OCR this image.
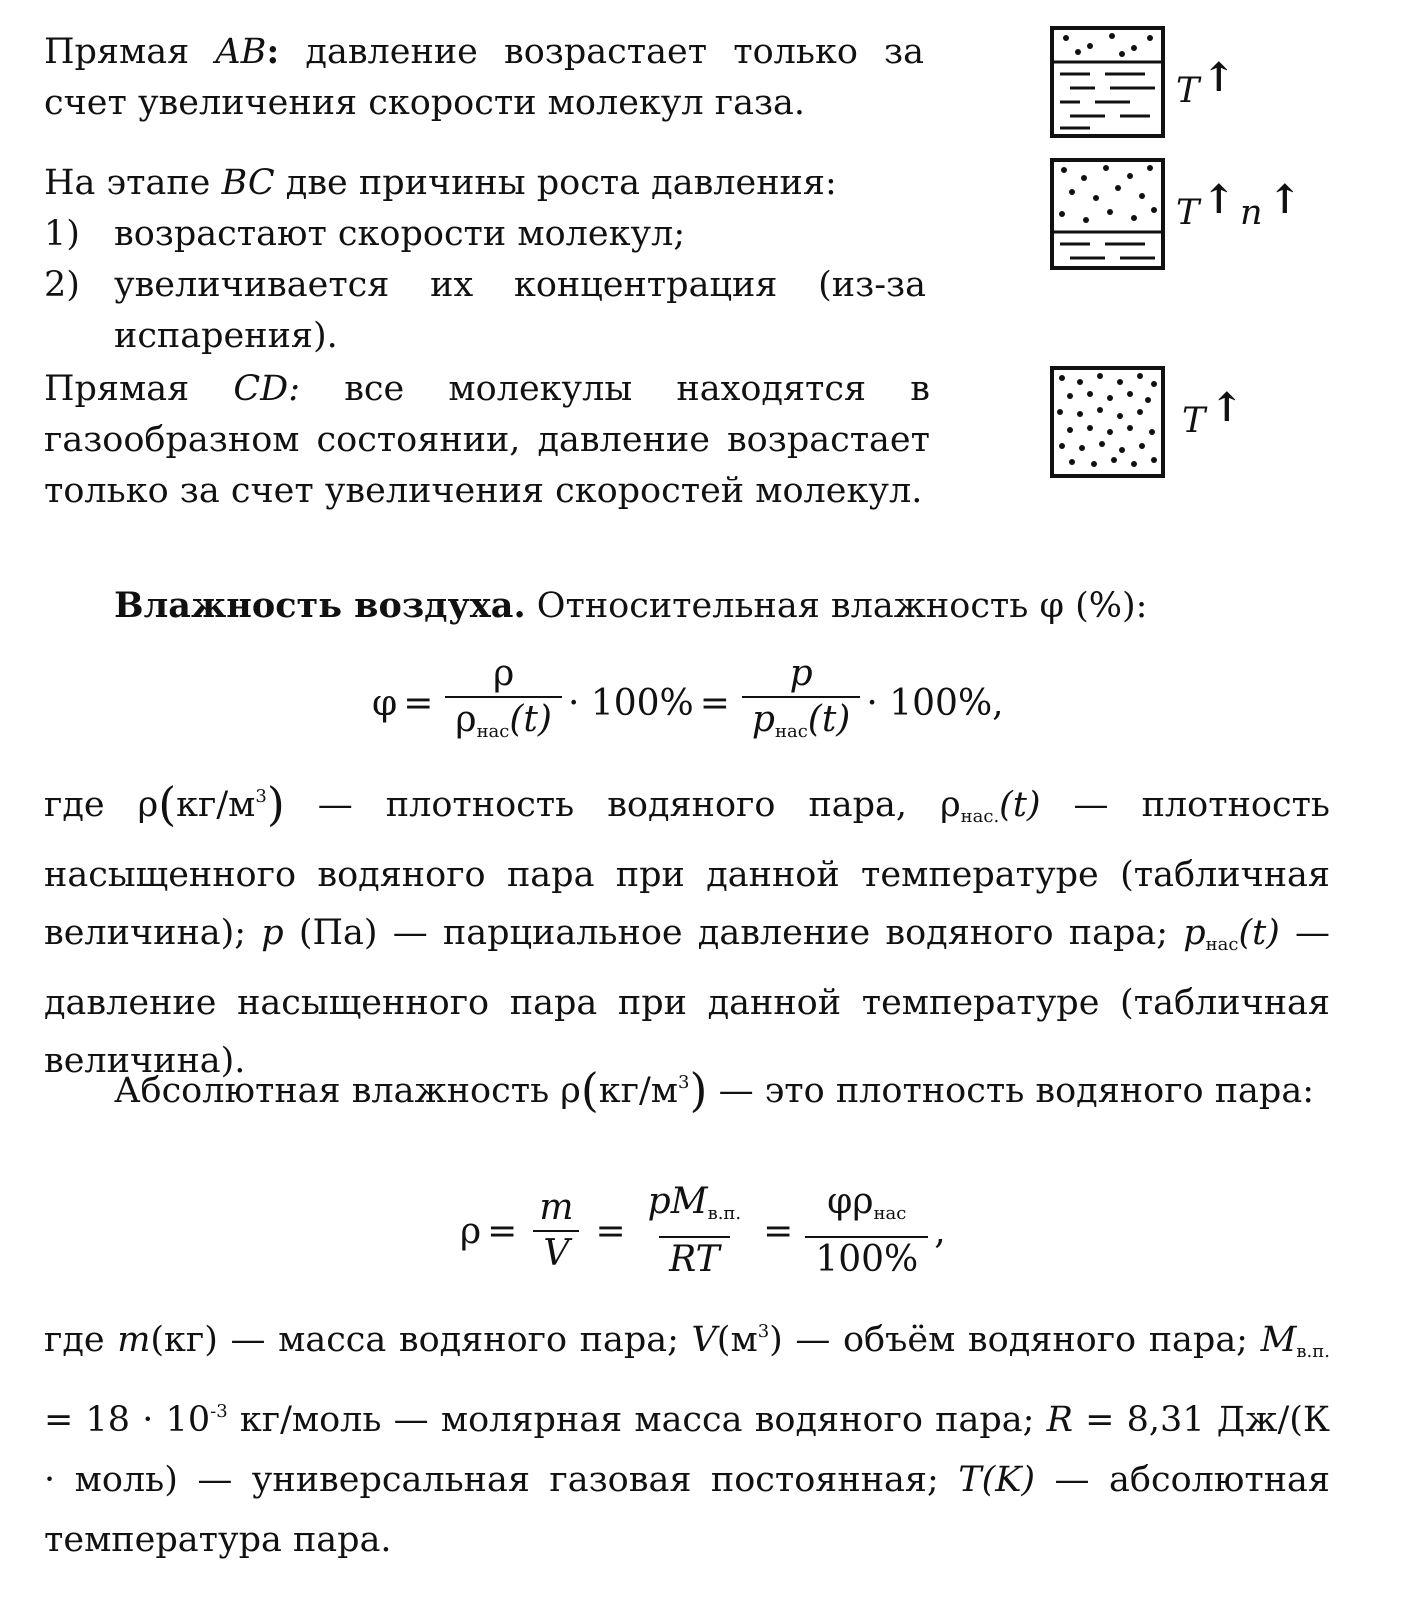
Прямая AB: давление возрастает только за счет увеличения скорости молекул газа.
На этапе BC две причины роста давления:
1) возрастают скорости молекул;
2) увеличивается их концентрация (из-за испарения).
Прямая CD: все молекулы находятся в газообразном состоянии, давление возрастает только за счет увеличения скоростей молекул.
T ↑
T ↑ n ↑
T ↑
Влажность воздуха. Относительная влажность φ (%):
$\varphi = \frac{\rho}{\rho_{нас}(t)} \cdot 100\% = \frac{p}{p_{нас}(t)} \cdot 100\%$ ,
где $\rho(кг/м^3)$ — плотность водяного пара, $\rho_{нас.}(t)$ — плотность насыщенного водяного пара при данной температуре (табличная величина); p (Па) — парциальное давление водяного пара; $p_{нас}(t)$ — давление насыщенного пара при данной температуре (табличная величина).
Абсолютная влажность $\rho(кг/м^3)$ — это плотность водяного пара:
$\rho = \frac{m}{V} = \frac{pM_{в.п.}}{RT} = \frac{\varphi\rho_{нас}}{100\%}$ ,
где m(кг) — масса водяного пара; $V(м^3)$ — объём водяного пара; $M_{в.п.} = 18 \cdot 10^{-3}$ кг/моль — молярная масса водяного пара; R = 8,31 Дж/(К · моль) — универсальная газовая постоянная; T(K) — абсолютная температура пара.
